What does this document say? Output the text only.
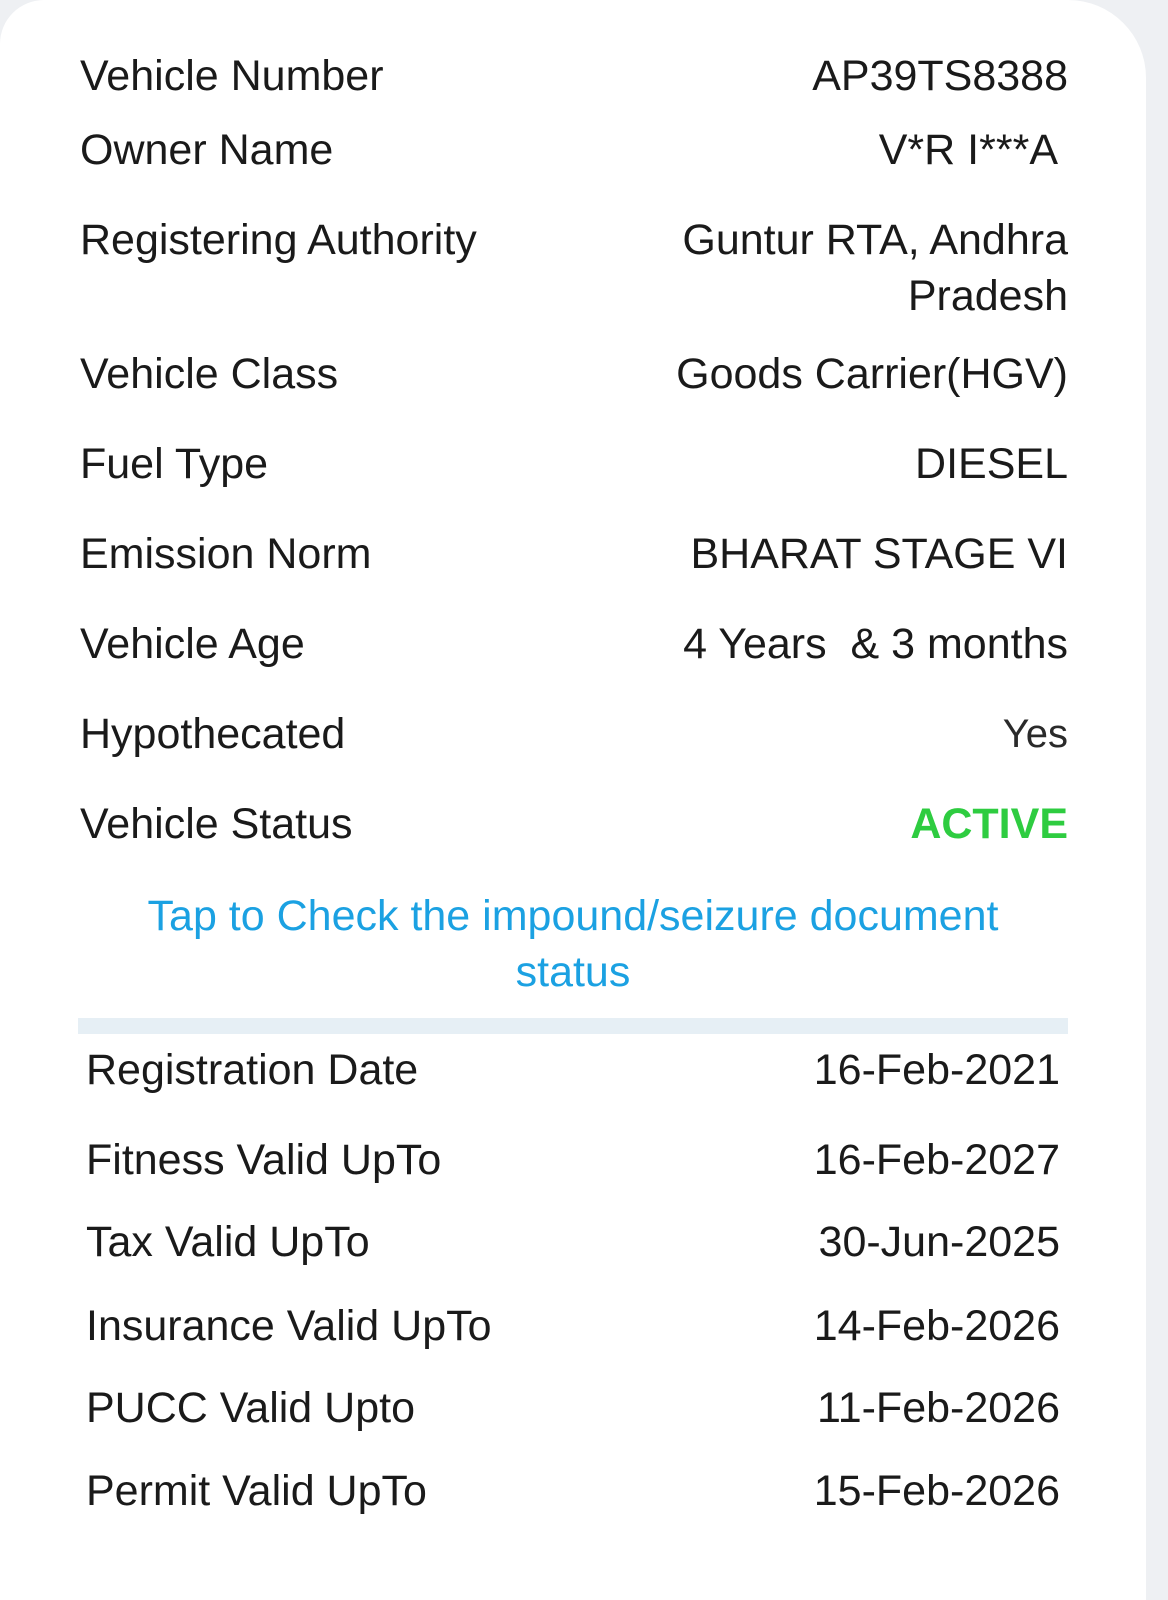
Vehicle Number	AP39TS8388
Owner Name	V*R I***A
Registering Authority	Guntur RTA, Andhra Pradesh
Vehicle Class	Goods Carrier(HGV)
Fuel Type	DIESEL
Emission Norm	BHARAT STAGE VI
Vehicle Age	4 Years  & 3 months
Hypothecated	Yes
Vehicle Status	ACTIVE
Tap to Check the impound/seizure document status
Registration Date	16-Feb-2021
Fitness Valid UpTo	16-Feb-2027
Tax Valid UpTo	30-Jun-2025
Insurance Valid UpTo	14-Feb-2026
PUCC Valid Upto	11-Feb-2026
Permit Valid UpTo	15-Feb-2026
